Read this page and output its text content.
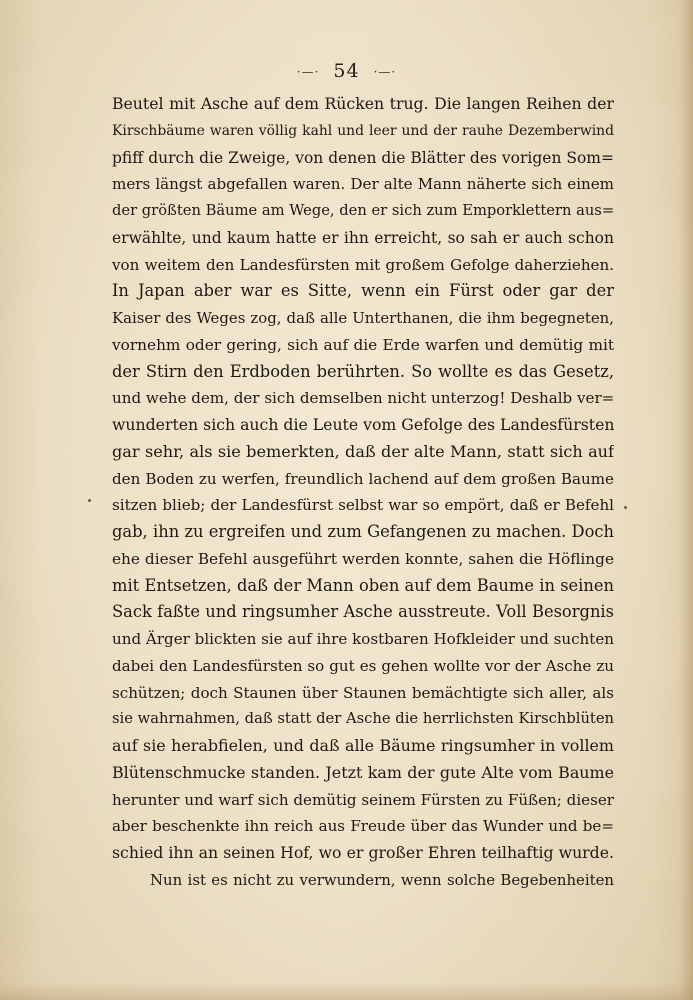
·—· 54 ·—·
Beutel mit Asche auf dem Rücken trug. Die langen Reihen der
Kirschbäume waren völlig kahl und leer und der rauhe Dezemberwind
pfiff durch die Zweige, von denen die Blätter des vorigen Som=
mers längst abgefallen waren. Der alte Mann näherte sich einem
der größten Bäume am Wege, den er sich zum Emporklettern aus=
erwählte, und kaum hatte er ihn erreicht, so sah er auch schon
von weitem den Landesfürsten mit großem Gefolge daherziehen.
In Japan aber war es Sitte, wenn ein Fürst oder gar der
Kaiser des Weges zog, daß alle Unterthanen, die ihm begegneten,
vornehm oder gering, sich auf die Erde warfen und demütig mit
der Stirn den Erdboden berührten. So wollte es das Gesetz,
und wehe dem, der sich demselben nicht unterzog! Deshalb ver=
wunderten sich auch die Leute vom Gefolge des Landesfürsten
gar sehr, als sie bemerkten, daß der alte Mann, statt sich auf
den Boden zu werfen, freundlich lachend auf dem großen Baume
sitzen blieb; der Landesfürst selbst war so empört, daß er Befehl
gab, ihn zu ergreifen und zum Gefangenen zu machen. Doch
ehe dieser Befehl ausgeführt werden konnte, sahen die Höflinge
mit Entsetzen, daß der Mann oben auf dem Baume in seinen
Sack faßte und ringsumher Asche ausstreute. Voll Besorgnis
und Ärger blickten sie auf ihre kostbaren Hofkleider und suchten
dabei den Landesfürsten so gut es gehen wollte vor der Asche zu
schützen; doch Staunen über Staunen bemächtigte sich aller, als
sie wahrnahmen, daß statt der Asche die herrlichsten Kirschblüten
auf sie herabfielen, und daß alle Bäume ringsumher in vollem
Blütenschmucke standen. Jetzt kam der gute Alte vom Baume
herunter und warf sich demütig seinem Fürsten zu Füßen; dieser
aber beschenkte ihn reich aus Freude über das Wunder und be=
schied ihn an seinen Hof, wo er großer Ehren teilhaftig wurde.
Nun ist es nicht zu verwundern, wenn solche Begebenheiten
